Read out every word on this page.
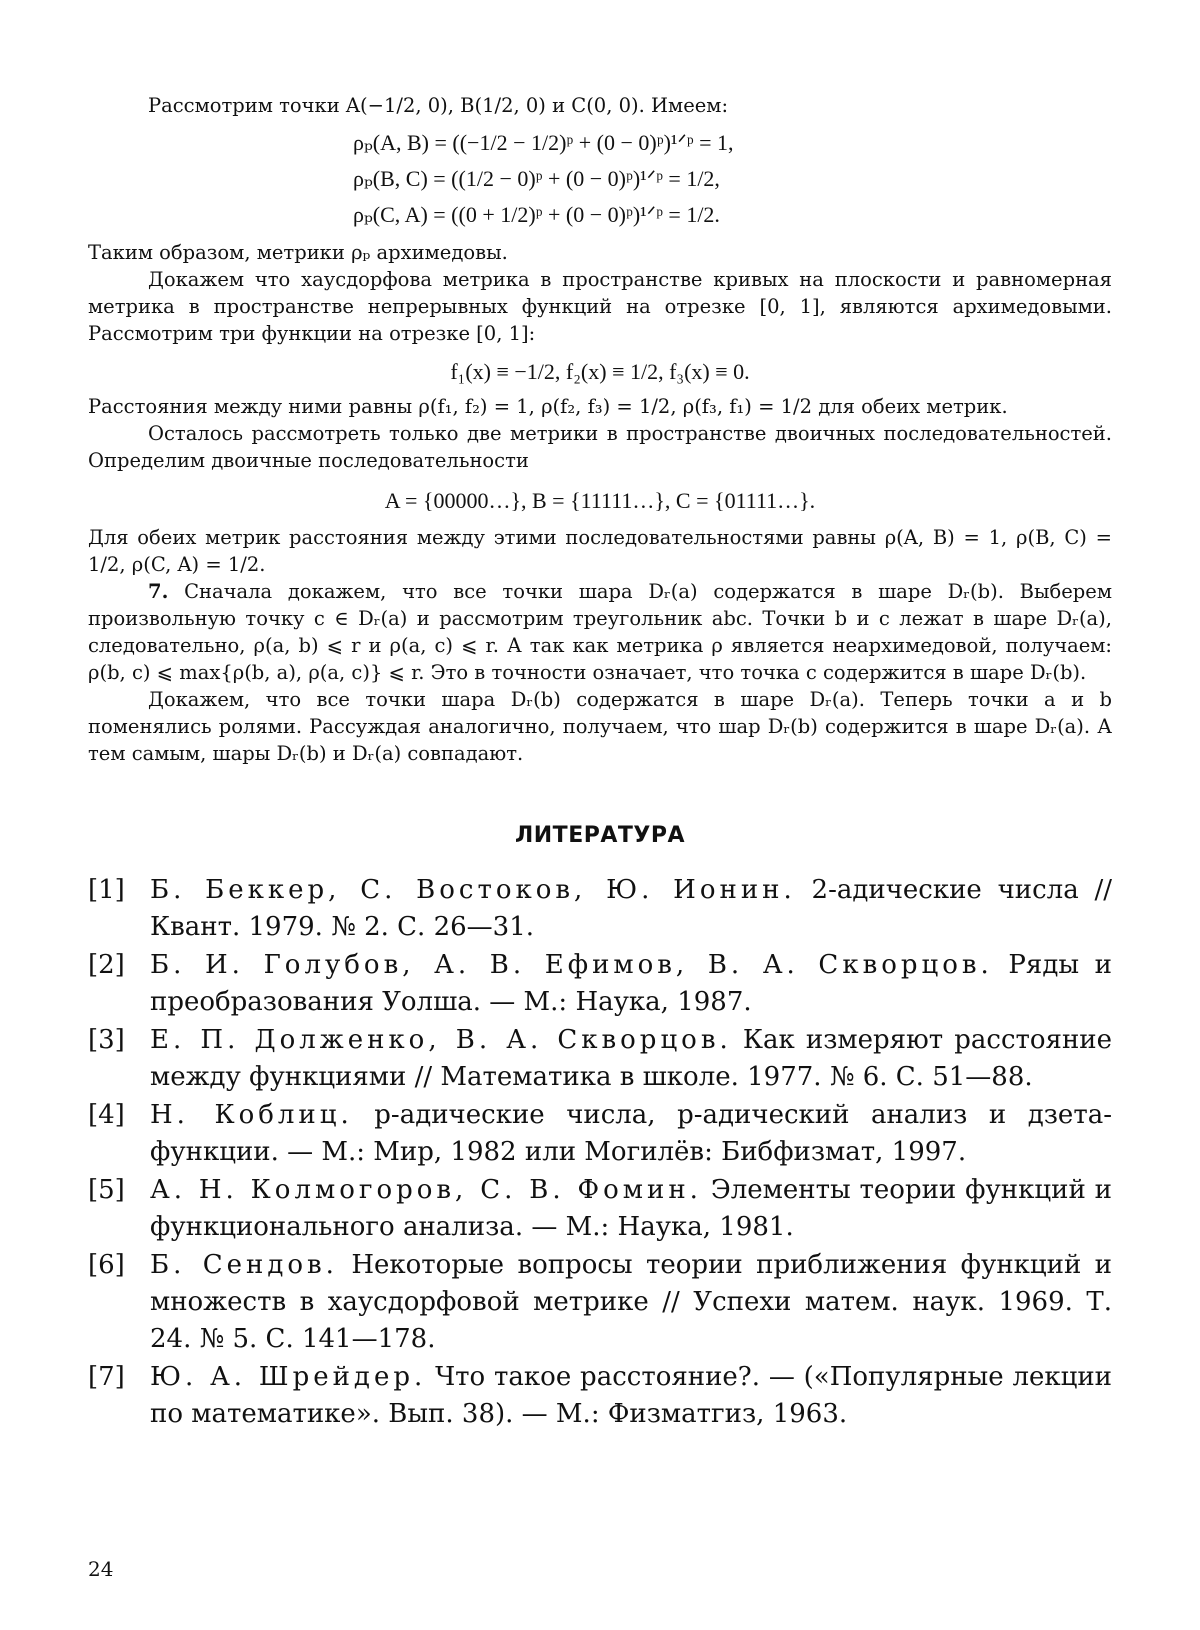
Рассмотрим точки A(−1/2, 0), B(1/2, 0) и C(0, 0). Имеем:

ρₚ(A, B) = ((−1/2 − 1/2)ᵖ + (0 − 0)ᵖ)¹ᐟᵖ = 1,
ρₚ(B, C) = ((1/2 − 0)ᵖ + (0 − 0)ᵖ)¹ᐟᵖ = 1/2,
ρₚ(C, A) = ((0 + 1/2)ᵖ + (0 − 0)ᵖ)¹ᐟᵖ = 1/2.

Таким образом, метрики ρₚ архимедовы.

Докажем что хаусдорфова метрика в пространстве кривых на плоскости и равномерная метрика в пространстве непрерывных функций на отрезке [0, 1], являются архимедовыми. Рассмотрим три функции на отрезке [0, 1]:

f₁(x) ≡ −1/2, f₂(x) ≡ 1/2, f₃(x) ≡ 0.

Расстояния между ними равны ρ(f₁, f₂) = 1, ρ(f₂, f₃) = 1/2, ρ(f₃, f₁) = 1/2 для обеих метрик.

Осталось рассмотреть только две метрики в пространстве двоичных последовательностей. Определим двоичные последовательности

A = {00000…}, B = {11111…}, C = {01111…}.

Для обеих метрик расстояния между этими последовательностями равны ρ(A, B) = 1, ρ(B, C) = 1/2, ρ(C, A) = 1/2.

7. Сначала докажем, что все точки шара Dᵣ(a) содержатся в шаре Dᵣ(b). Выберем произвольную точку c ∈ Dᵣ(a) и рассмотрим треугольник abc. Точки b и c лежат в шаре Dᵣ(a), следовательно, ρ(a, b) ⩽ r и ρ(a, c) ⩽ r. А так как метрика ρ является неархимедовой, получаем: ρ(b, c) ⩽ max{ρ(b, a), ρ(a, c)} ⩽ r. Это в точности означает, что точка c содержится в шаре Dᵣ(b).

Докажем, что все точки шара Dᵣ(b) содержатся в шаре Dᵣ(a). Теперь точки a и b поменялись ролями. Рассуждая аналогично, получаем, что шар Dᵣ(b) содержится в шаре Dᵣ(a). А тем самым, шары Dᵣ(b) и Dᵣ(a) совпадают.

ЛИТЕРАТУРА
[1] Б. Беккер, С. Востоков, Ю. Ионин. 2-адические числа // Квант. 1979. № 2. С. 26—31.
[2] Б. И. Голубов, А. В. Ефимов, В. А. Скворцов. Ряды и преобразования Уолша. — М.: Наука, 1987.
[3] Е. П. Долженко, В. А. Скворцов. Как измеряют расстояние между функциями // Математика в школе. 1977. № 6. С. 51—88.
[4] Н. Коблиц. p-адические числа, p-адический анализ и дзета-функции. — М.: Мир, 1982 или Могилёв: Бибфизмат, 1997.
[5] А. Н. Колмогоров, С. В. Фомин. Элементы теории функций и функционального анализа. — М.: Наука, 1981.
[6] Б. Сендов. Некоторые вопросы теории приближения функций и множеств в хаусдорфовой метрике // Успехи матем. наук. 1969. Т. 24. № 5. С. 141—178.
[7] Ю. А. Шрейдер. Что такое расстояние?. — («Популярные лекции по математике». Вып. 38). — М.: Физматгиз, 1963.
24
